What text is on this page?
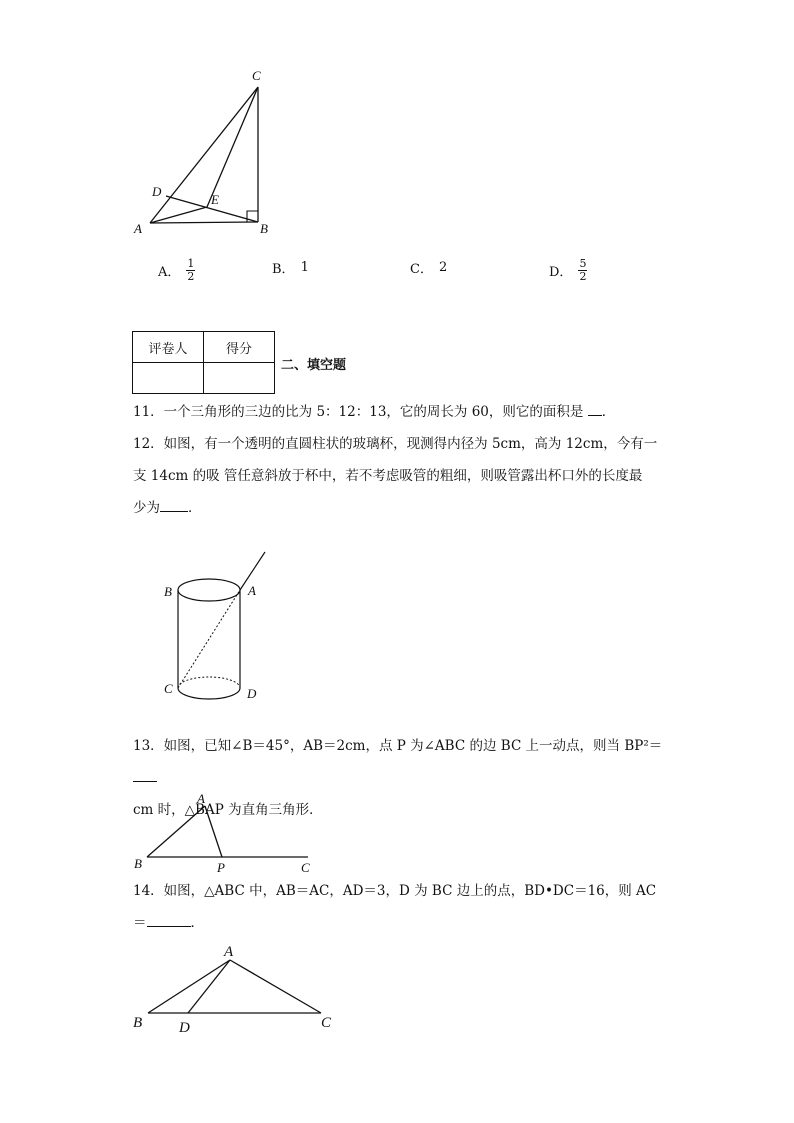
C
D
E
A	B
A． $\frac{1}{2}$	B． 1	C． 2	D． $\frac{5}{2}$
评卷人	得分

二、填空题
11．一个三角形的三边的比为 5：12：13，它的周长为 60，则它的面积是 ．
12．如图，有一个透明的直圆柱状的玻璃杯，现测得内径为 5cm，高为 12cm，今有一
支 14cm 的吸 管任意斜放于杯中，若不考虑吸管的粗细，则吸管露出杯口外的长度最
少为 ．
B	A
C	D
13．如图，已知∠B＝45°，AB＝2cm，点 P 为∠ABC 的边 BC 上一动点，则当 BP²＝
cm 时，△BAP 为直角三角形．
A
B	P	C
14．如图，△ABC 中，AB＝AC，AD＝3，D 为 BC 边上的点，BD•DC＝16，则 AC
＝	．
A
B D	C
